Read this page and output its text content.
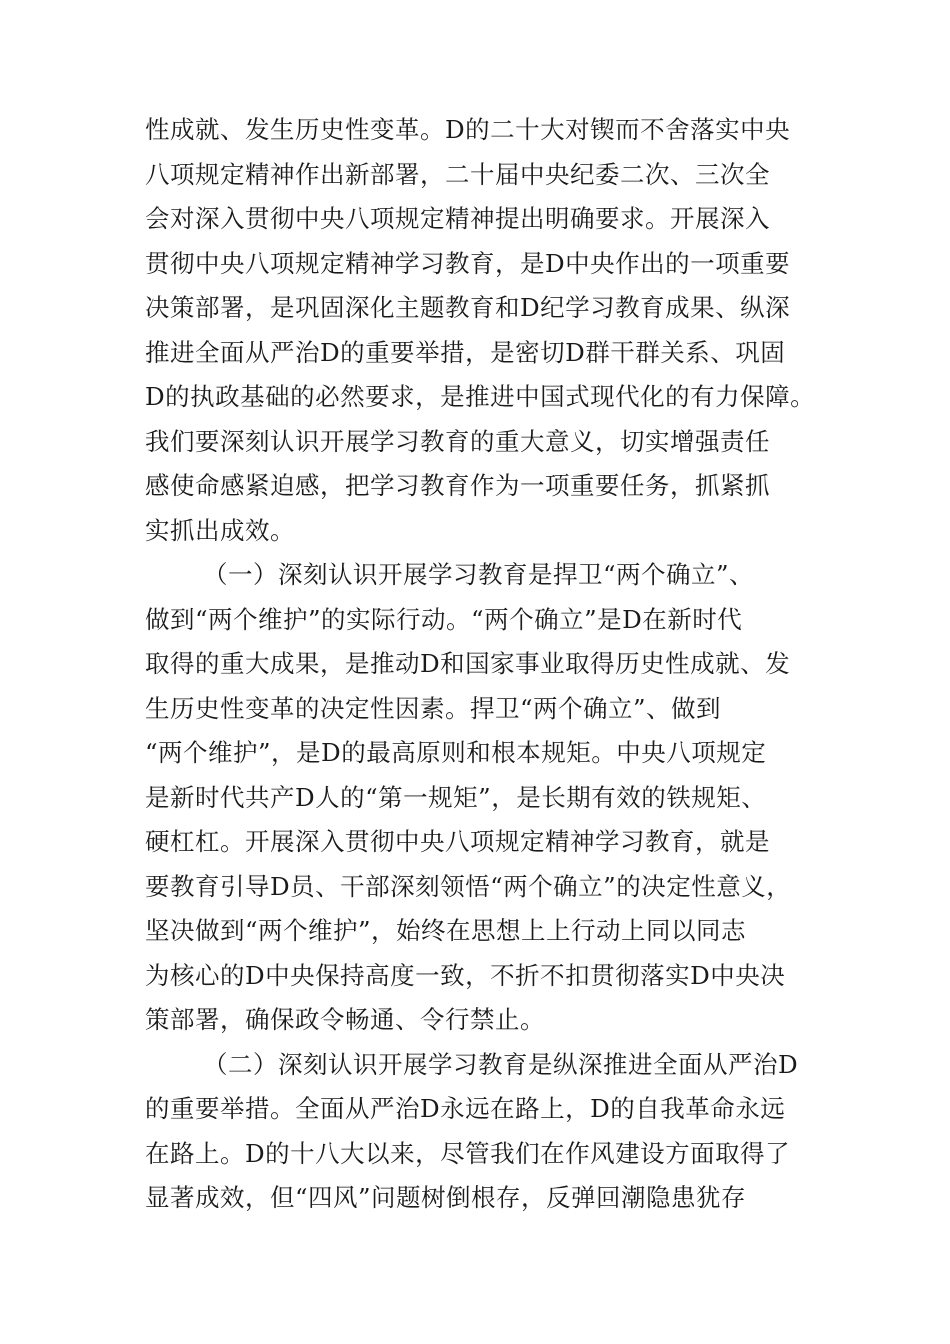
性成就、发生历史性变革。D的二十大对锲而不舍落实中央
八项规定精神作出新部署，二十届中央纪委二次、三次全
会对深入贯彻中央八项规定精神提出明确要求。开展深入
贯彻中央八项规定精神学习教育，是D中央作出的一项重要
决策部署，是巩固深化主题教育和D纪学习教育成果、纵深
推进全面从严治D的重要举措，是密切D群干群关系、巩固
D的执政基础的必然要求，是推进中国式现代化的有力保障。
我们要深刻认识开展学习教育的重大意义，切实增强责任
感使命感紧迫感，把学习教育作为一项重要任务，抓紧抓
实抓出成效。
（一）深刻认识开展学习教育是捍卫“两个确立”、
做到“两个维护”的实际行动。“两个确立”是D在新时代
取得的重大成果，是推动D和国家事业取得历史性成就、发
生历史性变革的决定性因素。捍卫“两个确立”、做到
“两个维护”，是D的最高原则和根本规矩。中央八项规定
是新时代共产D人的“第一规矩”，是长期有效的铁规矩、
硬杠杠。开展深入贯彻中央八项规定精神学习教育，就是
要教育引导D员、干部深刻领悟“两个确立”的决定性意义，
坚决做到“两个维护”，始终在思想上上行动上同以同志
为核心的D中央保持高度一致，不折不扣贯彻落实D中央决
策部署，确保政令畅通、令行禁止。
（二）深刻认识开展学习教育是纵深推进全面从严治D
的重要举措。全面从严治D永远在路上，D的自我革命永远
在路上。D的十八大以来，尽管我们在作风建设方面取得了
显著成效，但“四风”问题树倒根存，反弹回潮隐患犹存
